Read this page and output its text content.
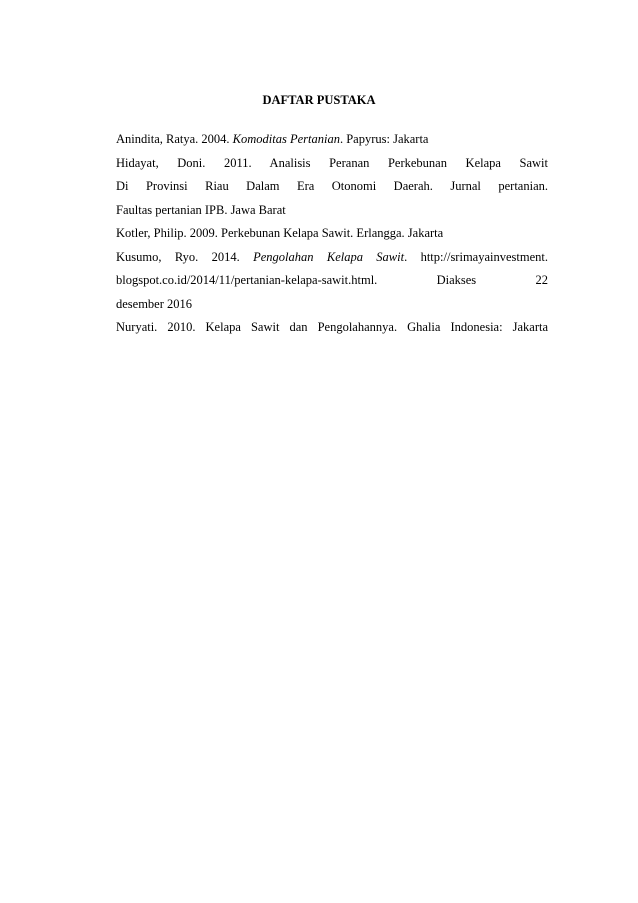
DAFTAR PUSTAKA
Anindita, Ratya. 2004. Komoditas Pertanian. Papyrus: Jakarta
Hidayat, Doni. 2011. Analisis Peranan Perkebunan Kelapa Sawit
Di Provinsi Riau Dalam Era Otonomi Daerah. Jurnal pertanian.
Faultas pertanian IPB. Jawa Barat
Kotler, Philip. 2009. Perkebunan Kelapa Sawit. Erlangga. Jakarta
Kusumo, Ryo. 2014. Pengolahan Kelapa Sawit. http://srimayainvestment.
blogspot.co.id/2014/11/pertanian-kelapa-sawit.html. Diakses 22
desember 2016
Nuryati. 2010. Kelapa Sawit dan Pengolahannya. Ghalia Indonesia: Jakarta
